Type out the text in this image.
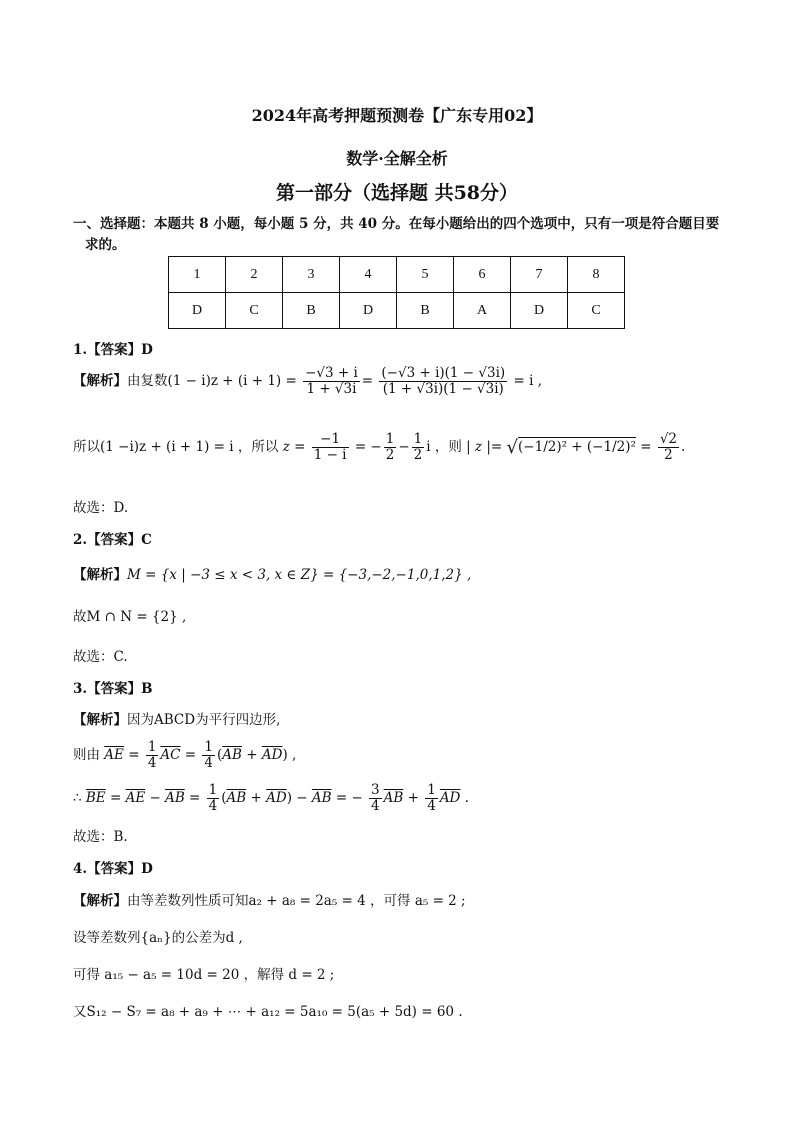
2024年高考押题预测卷【广东专用02】
数学·全解全析
第一部分（选择题 共58分）
一、选择题：本题共 8 小题，每小题 5 分，共 40 分。在每小题给出的四个选项中，只有一项是符合题目要
求的。
1	2	3	4	5	6	7	8
D	C	B	D	B	A	D	C
1.【答案】D
【解析】由复数$(1 - i)z + (i + 1) = \frac{-√3 + i}{1 + √3i} = \frac{(-√3 + i)(1 - √3i)}{(1 + √3i)(1 - √3i)} = i$ ,
所以(1 −i)z + (i + 1) = i ，所以 $z = \frac{-1}{1 - i}$ = − $\frac{1}{2} - \frac{1}{2}$ i ，则 | z |= $√(-1/2)^2 + (-1/2)^2 = \frac{√2}{2}$ .
故选：D.
2.【答案】C
【解析】M = {x | −3 ≤ x < 3, x ∈ Z} = {−3,−2,−1,0,1,2} ,
故M ∩ N = {2} ,
故选：C.
3.【答案】B
【解析】因为ABCD为平行四边形,
则由 $\overline{AE} = \frac{1}{4} \overline{AC} = \frac{1}{4} (\overline{AB} + \overline{AD})$ ,
∴ $\overline{BE} = \overline{AE} - \overline{AB} = \frac{1}{4} (\overline{AB} + \overline{AD}) - \overline{AB}$ = − $\frac{3}{4} \overline{AB} + \frac{1}{4} \overline{AD}$ .
故选：B.
4.【答案】D
【解析】由等差数列性质可知a₂ + a₈ = 2a₅ = 4 ，可得 a₅ = 2 ;
设等差数列{aₙ}的公差为d ,
可得 a₁₅ − a₅ = 10d = 20 ，解得 d = 2 ;
又S₁₂ − S₇ = a₈ + a₉ + ⋯ + a₁₂ = 5a₁₀ = 5(a₅ + 5d) = 60 .
